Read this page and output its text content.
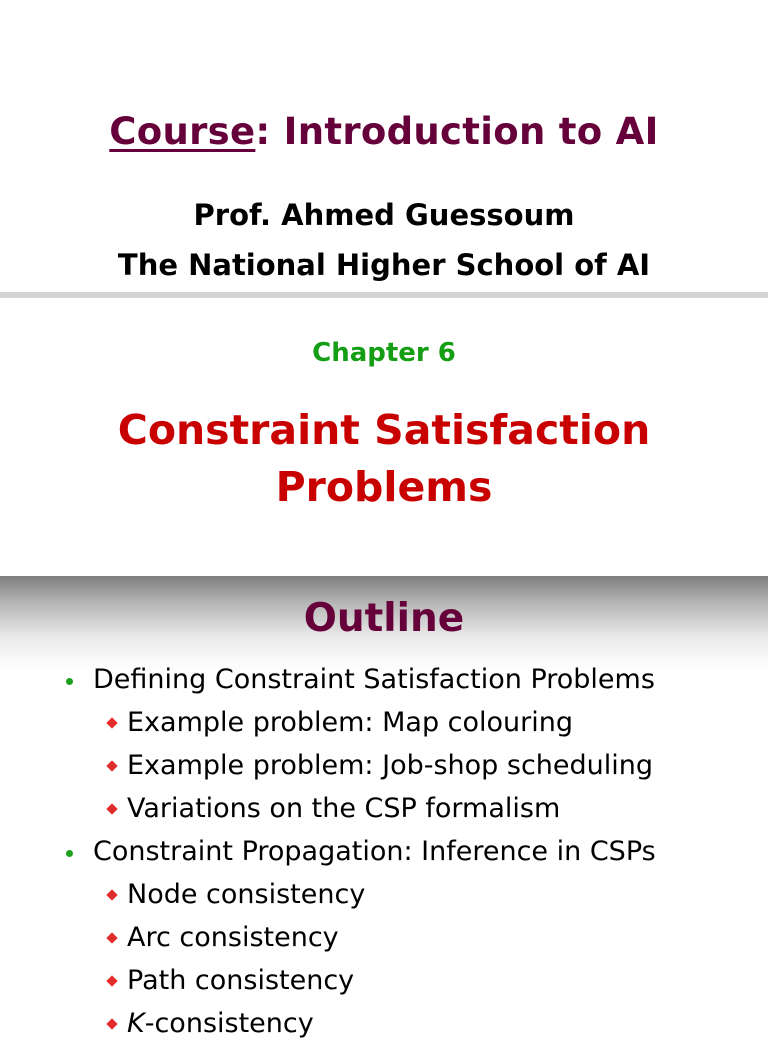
Course: Introduction to AI
Prof. Ahmed Guessoum
The National Higher School of AI
Chapter 6
Constraint Satisfaction
Problems
Outline
Defining Constraint Satisfaction Problems
Example problem: Map colouring
Example problem: Job-shop scheduling
Variations on the CSP formalism
Constraint Propagation: Inference in CSPs
Node consistency
Arc consistency
Path consistency
K-consistency
